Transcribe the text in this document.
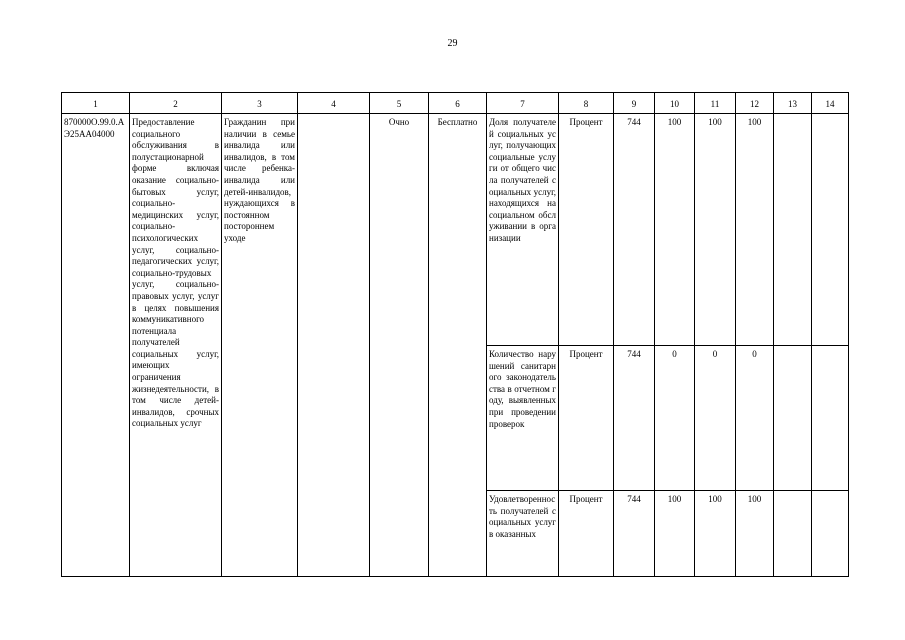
29
1	2	3	4	5	6	7	8	9	10	11	12	13	14
870000О.99.0.АЭ25АА04000	Предоставление социального обслуживания в полустационарной форме включая оказание социально-бытовых услуг, социально-медицинских услуг, социально-психологических услуг, социально-педагогических услуг, социально-трудовых услуг, социально-правовых услуг, услуг в целях повышения коммуникативного потенциала получателей социальных услуг, имеющих ограничения жизнедеятельности, в том числе детей-инвалидов, срочных социальных услуг	Гражданин при наличии в семье инвалида или инвалидов, в том числе ребенка-инвалида или детей-инвалидов, нуждающихся в постоянном постороннем уходе		Очно	Бесплатно	Доля получателей социальных услуг, получающих социальные услуги от общего числа получателей социальных услуг, находящихся на социальном обслуживании в организации	Процент	744	100	100	100		
						Количество нарушений санитарного законодательства в отчетном году, выявленных при проведении проверок	Процент	744	0	0	0		
						Удовлетворенность получателей социальных услуг в оказанных	Процент	744	100	100	100		
